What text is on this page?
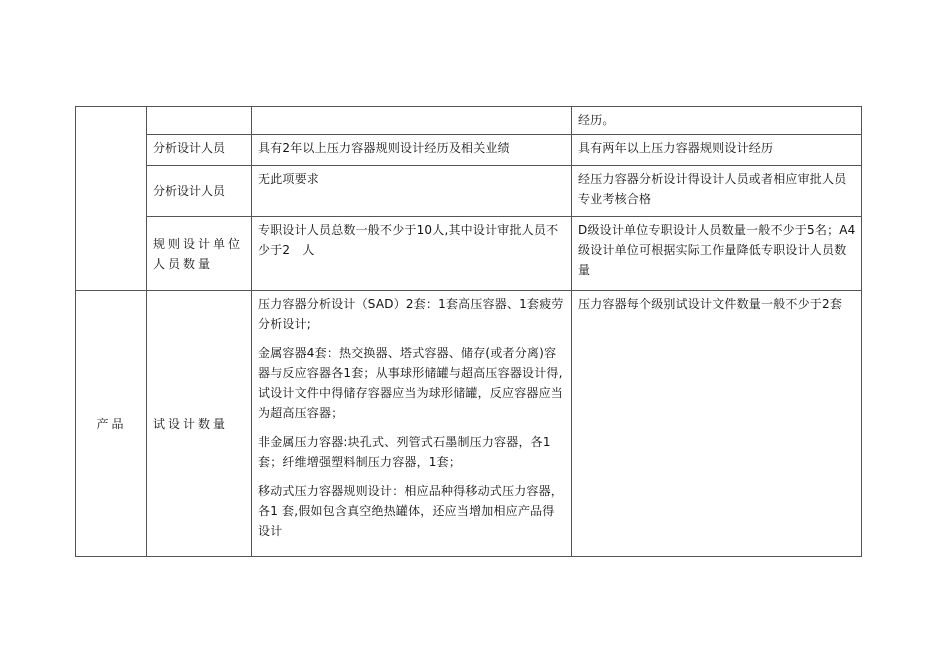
			经历。
	分析设计人员	具有2年以上压力容器规则设计经历及相关业绩	具有两年以上压力容器规则设计经历
	分析设计人员	无此项要求	经压力容器分析设计得设计人员或者相应审批人员专业考核合格
	规则设计单位人员数量	专职设计人员总数一般不少于10人,其中设计审批人员不少于2　人	D级设计单位专职设计人员数量一般不少于5名；A4级设计单位可根据实际工作量降低专职设计人员数量
产品	试设计数量	压力容器分析设计（SAD）2套：1套高压容器、1套疲劳分析设计;

金属容器4套：热交换器、塔式容器、储存(或者分离)容器与反应容器各1套；从事球形储罐与超高压容器设计得,试设计文件中得储存容器应当为球形储罐，反应容器应当为超高压容器；

非金属压力容器:块孔式、列管式石墨制压力容器，各1套；纤维增强塑料制压力容器，1套；

移动式压力容器规则设计：相应品种得移动式压力容器，各1 套,假如包含真空绝热罐体，还应当增加相应产品得设计	压力容器每个级别试设计文件数量一般不少于2套
